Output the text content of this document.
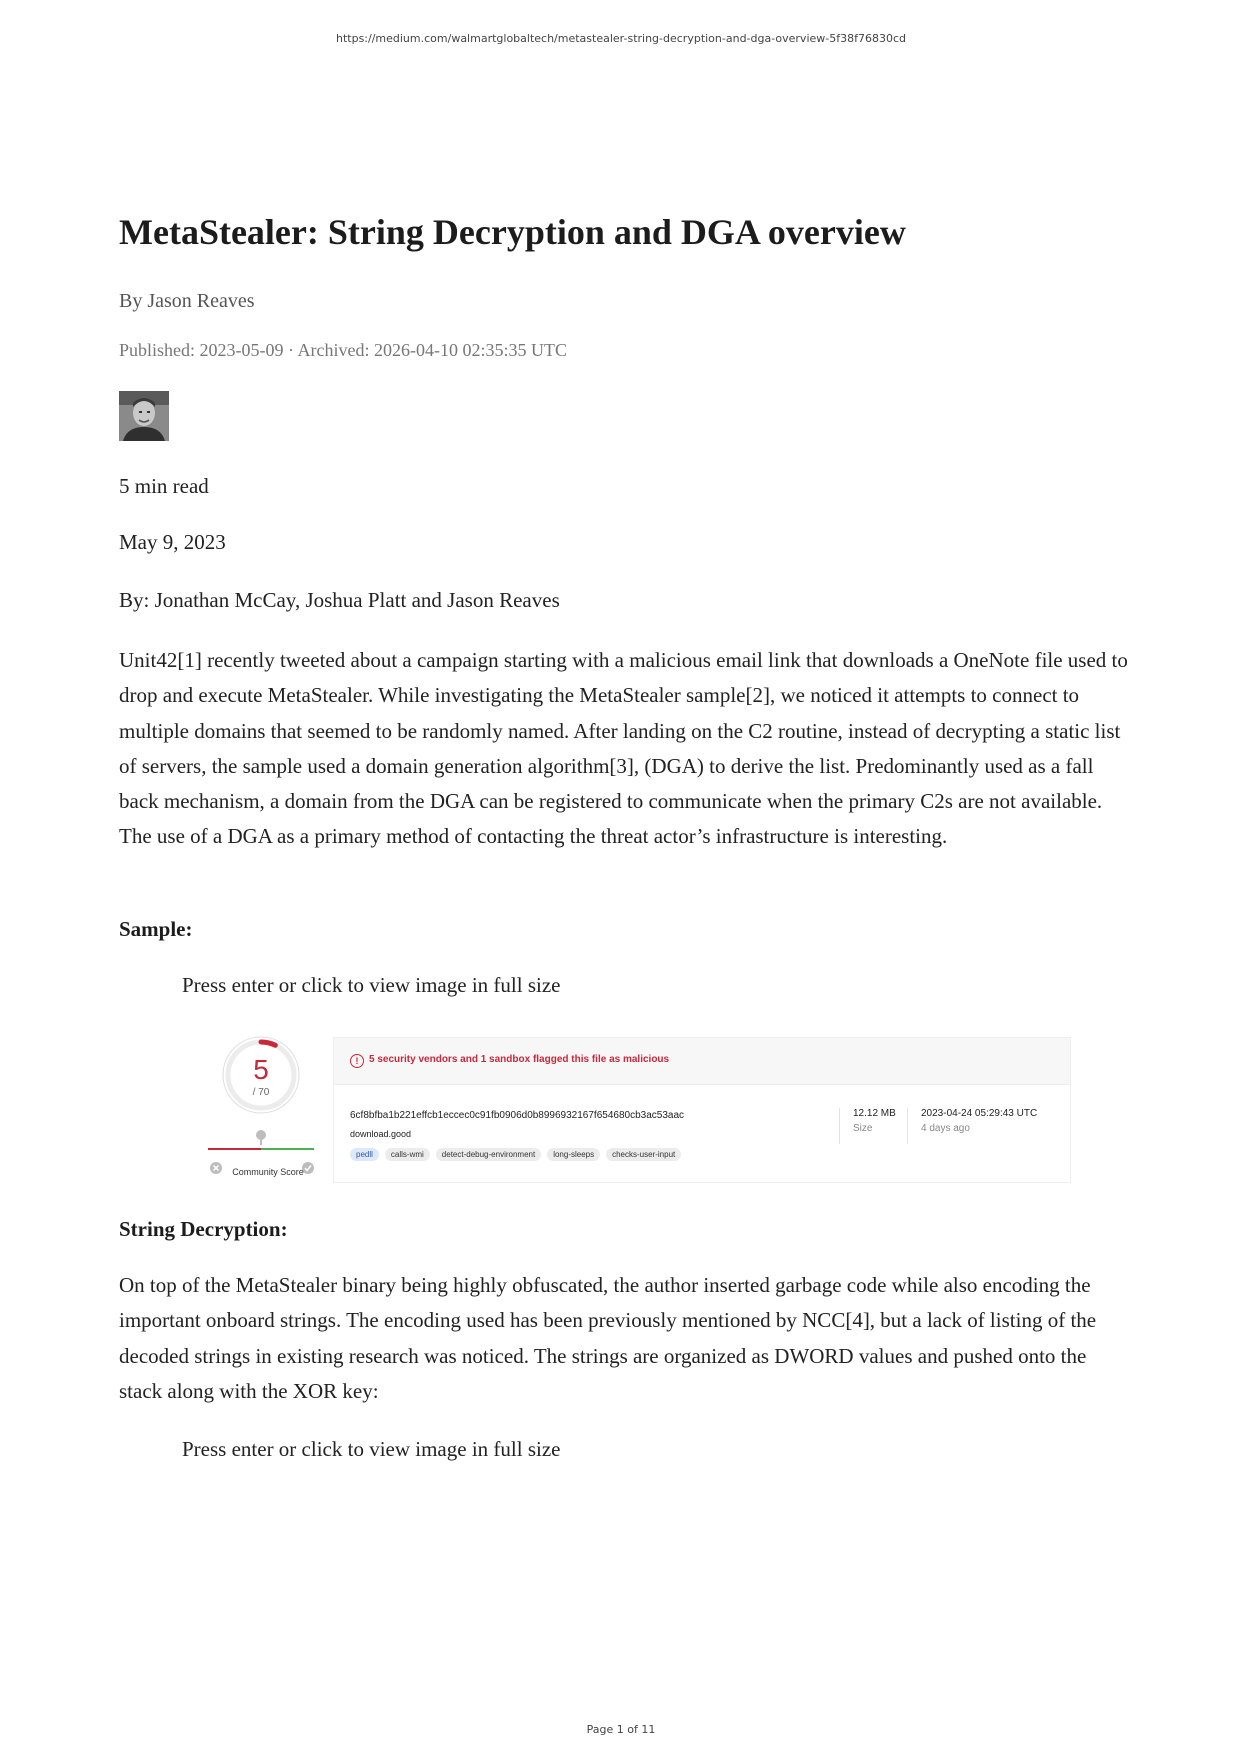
https://medium.com/walmartglobaltech/metastealer-string-decryption-and-dga-overview-5f38f76830cd
MetaStealer: String Decryption and DGA overview
By Jason Reaves
Published: 2023-05-09 · Archived: 2026-04-10 02:35:35 UTC
5 min read
May 9, 2023
By: Jonathan McCay, Joshua Platt and Jason Reaves

Unit42[1] recently tweeted about a campaign starting with a malicious email link that downloads a OneNote file used to drop and execute MetaStealer. While investigating the MetaStealer sample[2], we noticed it attempts to connect to multiple domains that seemed to be randomly named. After landing on the C2 routine, instead of decrypting a static list of servers, the sample used a domain generation algorithm[3], (DGA) to derive the list. Predominantly used as a fall back mechanism, a domain from the DGA can be registered to communicate when the primary C2s are not available. The use of a DGA as a primary method of contacting the threat actor’s infrastructure is interesting.

Sample:
Press enter or click to view image in full size
5
/ 70
Community Score
!	5 security vendors and 1 sandbox flagged this file as malicious
6cf8bfba1b221effcb1eccec0c91fb0906d0b8996932167f654680cb3ac53aac
download.good
pedll	calls-wmi	detect-debug-environment	long-sleeps	checks-user-input
12.12 MB
Size
2023-04-24 05:29:43 UTC
4 days ago
String Decryption:

On top of the MetaStealer binary being highly obfuscated, the author inserted garbage code while also encoding the important onboard strings. The encoding used has been previously mentioned by NCC[4], but a lack of listing of the decoded strings in existing research was noticed. The strings are organized as DWORD values and pushed onto the stack along with the XOR key:

Press enter or click to view image in full size
Page 1 of 11
